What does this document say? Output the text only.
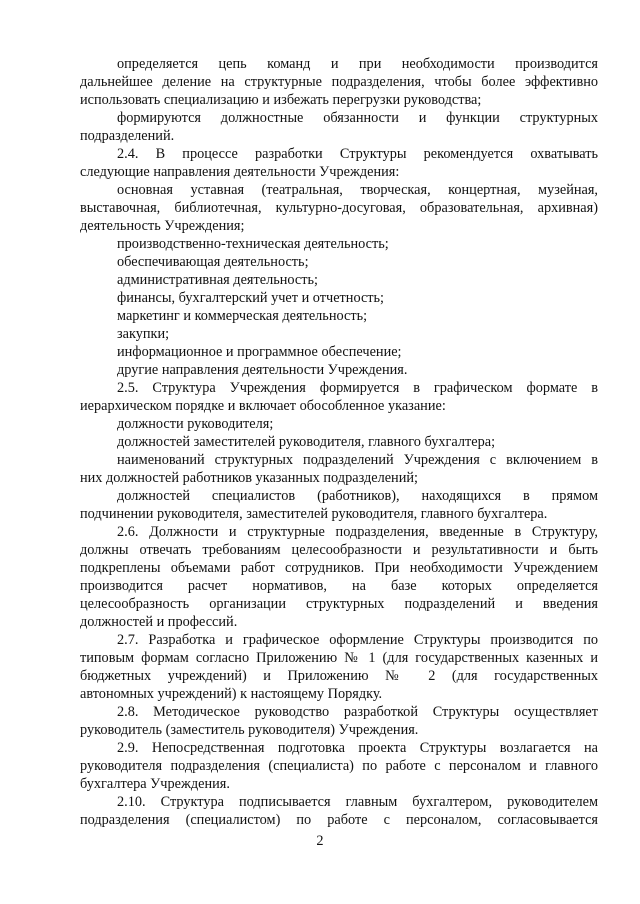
определяется цепь команд и при необходимости производится
дальнейшее деление на структурные подразделения, чтобы более эффективно
использовать специализацию и избежать перегрузки руководства;
формируются должностные обязанности и функции структурных
подразделений.
2.4. В процессе разработки Структуры рекомендуется охватывать
следующие направления деятельности Учреждения:
основная уставная (театральная, творческая, концертная, музейная,
выставочная, библиотечная, культурно-досуговая, образовательная, архивная)
деятельность Учреждения;
производственно-техническая деятельность;
обеспечивающая деятельность;
административная деятельность;
финансы, бухгалтерский учет и отчетность;
маркетинг и коммерческая деятельность;
закупки;
информационное и программное обеспечение;
другие направления деятельности Учреждения.
2.5. Структура Учреждения формируется в графическом формате в
иерархическом порядке и включает обособленное указание:
должности руководителя;
должностей заместителей руководителя, главного бухгалтера;
наименований структурных подразделений Учреждения с включением в
них должностей работников указанных подразделений;
должностей специалистов (работников), находящихся в прямом
подчинении руководителя, заместителей руководителя, главного бухгалтера.
2.6. Должности и структурные подразделения, введенные в Структуру,
должны отвечать требованиям целесообразности и результативности и быть
подкреплены объемами работ сотрудников. При необходимости Учреждением
производится расчет нормативов, на базе которых определяется
целесообразность организации структурных подразделений и введения
должностей и профессий.
2.7. Разработка и графическое оформление Структуры производится по
типовым формам согласно Приложению № 1 (для государственных казенных и
бюджетных учреждений) и Приложению № 2 (для государственных
автономных учреждений) к настоящему Порядку.
2.8. Методическое руководство разработкой Структуры осуществляет
руководитель (заместитель руководителя) Учреждения.
2.9. Непосредственная подготовка проекта Структуры возлагается на
руководителя подразделения (специалиста) по работе с персоналом и главного
бухгалтера Учреждения.
2.10. Структура подписывается главным бухгалтером, руководителем
подразделения (специалистом) по работе с персоналом, согласовывается
2
